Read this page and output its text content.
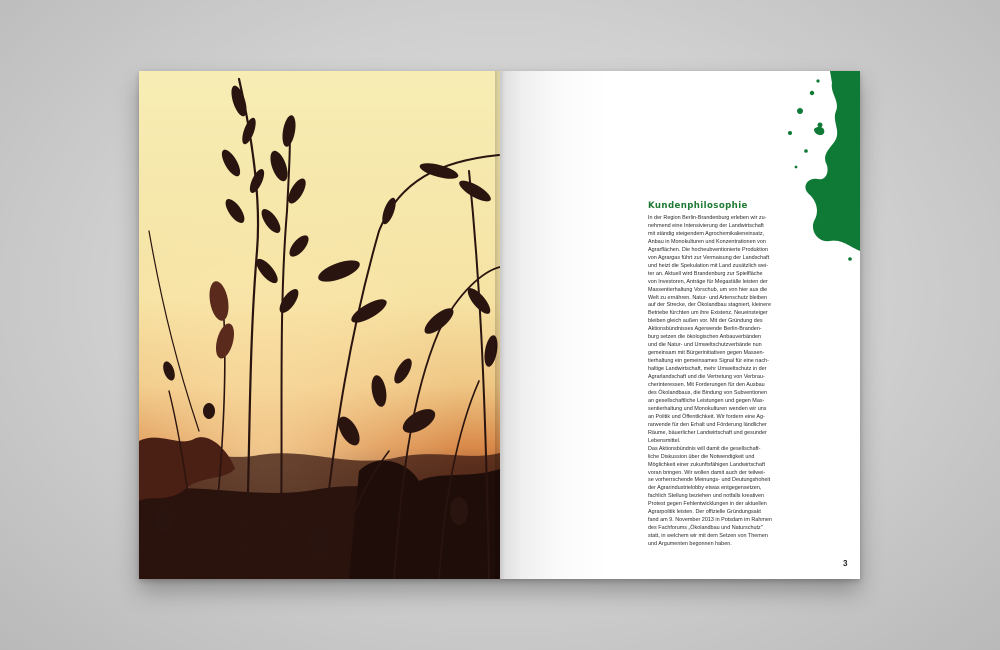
Kundenphilosophie
In der Region Berlin-Brandenburg erleben wir zu-
nehmend eine Intensivierung der Landwirtschaft
mit ständig steigendem Agrochemikalieneinsatz,
Anbau in Monokulturen und Konzentrationen von
Agrarflächen. Die hocheubventionierte Produktion
von Agrargas führt zur Vermaisung der Landschaft
und heizt die Spekulation mit Land zusätzlich wei-
ter an. Aktuell wird Brandenburg zur Spielfläche
von Investoren, Anträge für Megaställe leisten der
Massentierhaltung Vorschub, um von hier aus die
Welt zu ernähren. Natur- und Artenschutz bleiben
auf der Strecke, der Ökolandbau stagniert, kleinere
Betriebe fürchten um ihre Existenz, Neueinsteiger
bleiben gleich außen vor. Mit der Gründung des
Aktionsbündnisses Agerwende Berlin-Branden-
burg setzen die ökologischen Anbauverbänden
und die Natur- und Umweltschutzverbände nun
gemeinsam mit Bürgerinitiativen gegen Massen-
tierhaltung ein gemeinsames Signal für eine nach-
haltige Landwirtschaft, mehr Umweltschutz in der
Agrarlandschaft und die Vertretung von Verbrau-
cherinteressen. Mit Forderungen für den Ausbau
des Ökolandbaus, die Bindung von Subventionen
an gesellschaftliche Leistungen und gegen Mas-
sentierhaltung und Monokulturen wenden wir uns
an Politik und Öffentlichkeit. Wir fordern eine Ag-
rarwende für den Erhalt und Förderung ländlicher
Räume, bäuerlicher Landwirtschaft und gesunder
Lebensmittel.
Das Aktionsbündnis will damit die gesellschaft-
liche Diskussion über die Notwendigkeit und
Möglichkeit einer zukunftsfähigen Landwirtschaft
voran bringen. Wir wollen damit auch der teilwei-
se vorherrschende Meinungs- und Deutungshoheit
der Agrarindustrielobby etwas entgegensetzen,
fachlich Stellung beziehen und notfalls kreativen
Protest gegen Fehlentwicklungen in der aktuellen
Agrarpolitik leisten. Der offizielle Gründungsakt
fand am 9. November 2013 in Potsdam im Rahmen
des Fachforums „Ökolandbau und Naturschutz"
statt, in welchem wir mit dem Setzen von Themen
und Argumenten begonnen haben.
3
